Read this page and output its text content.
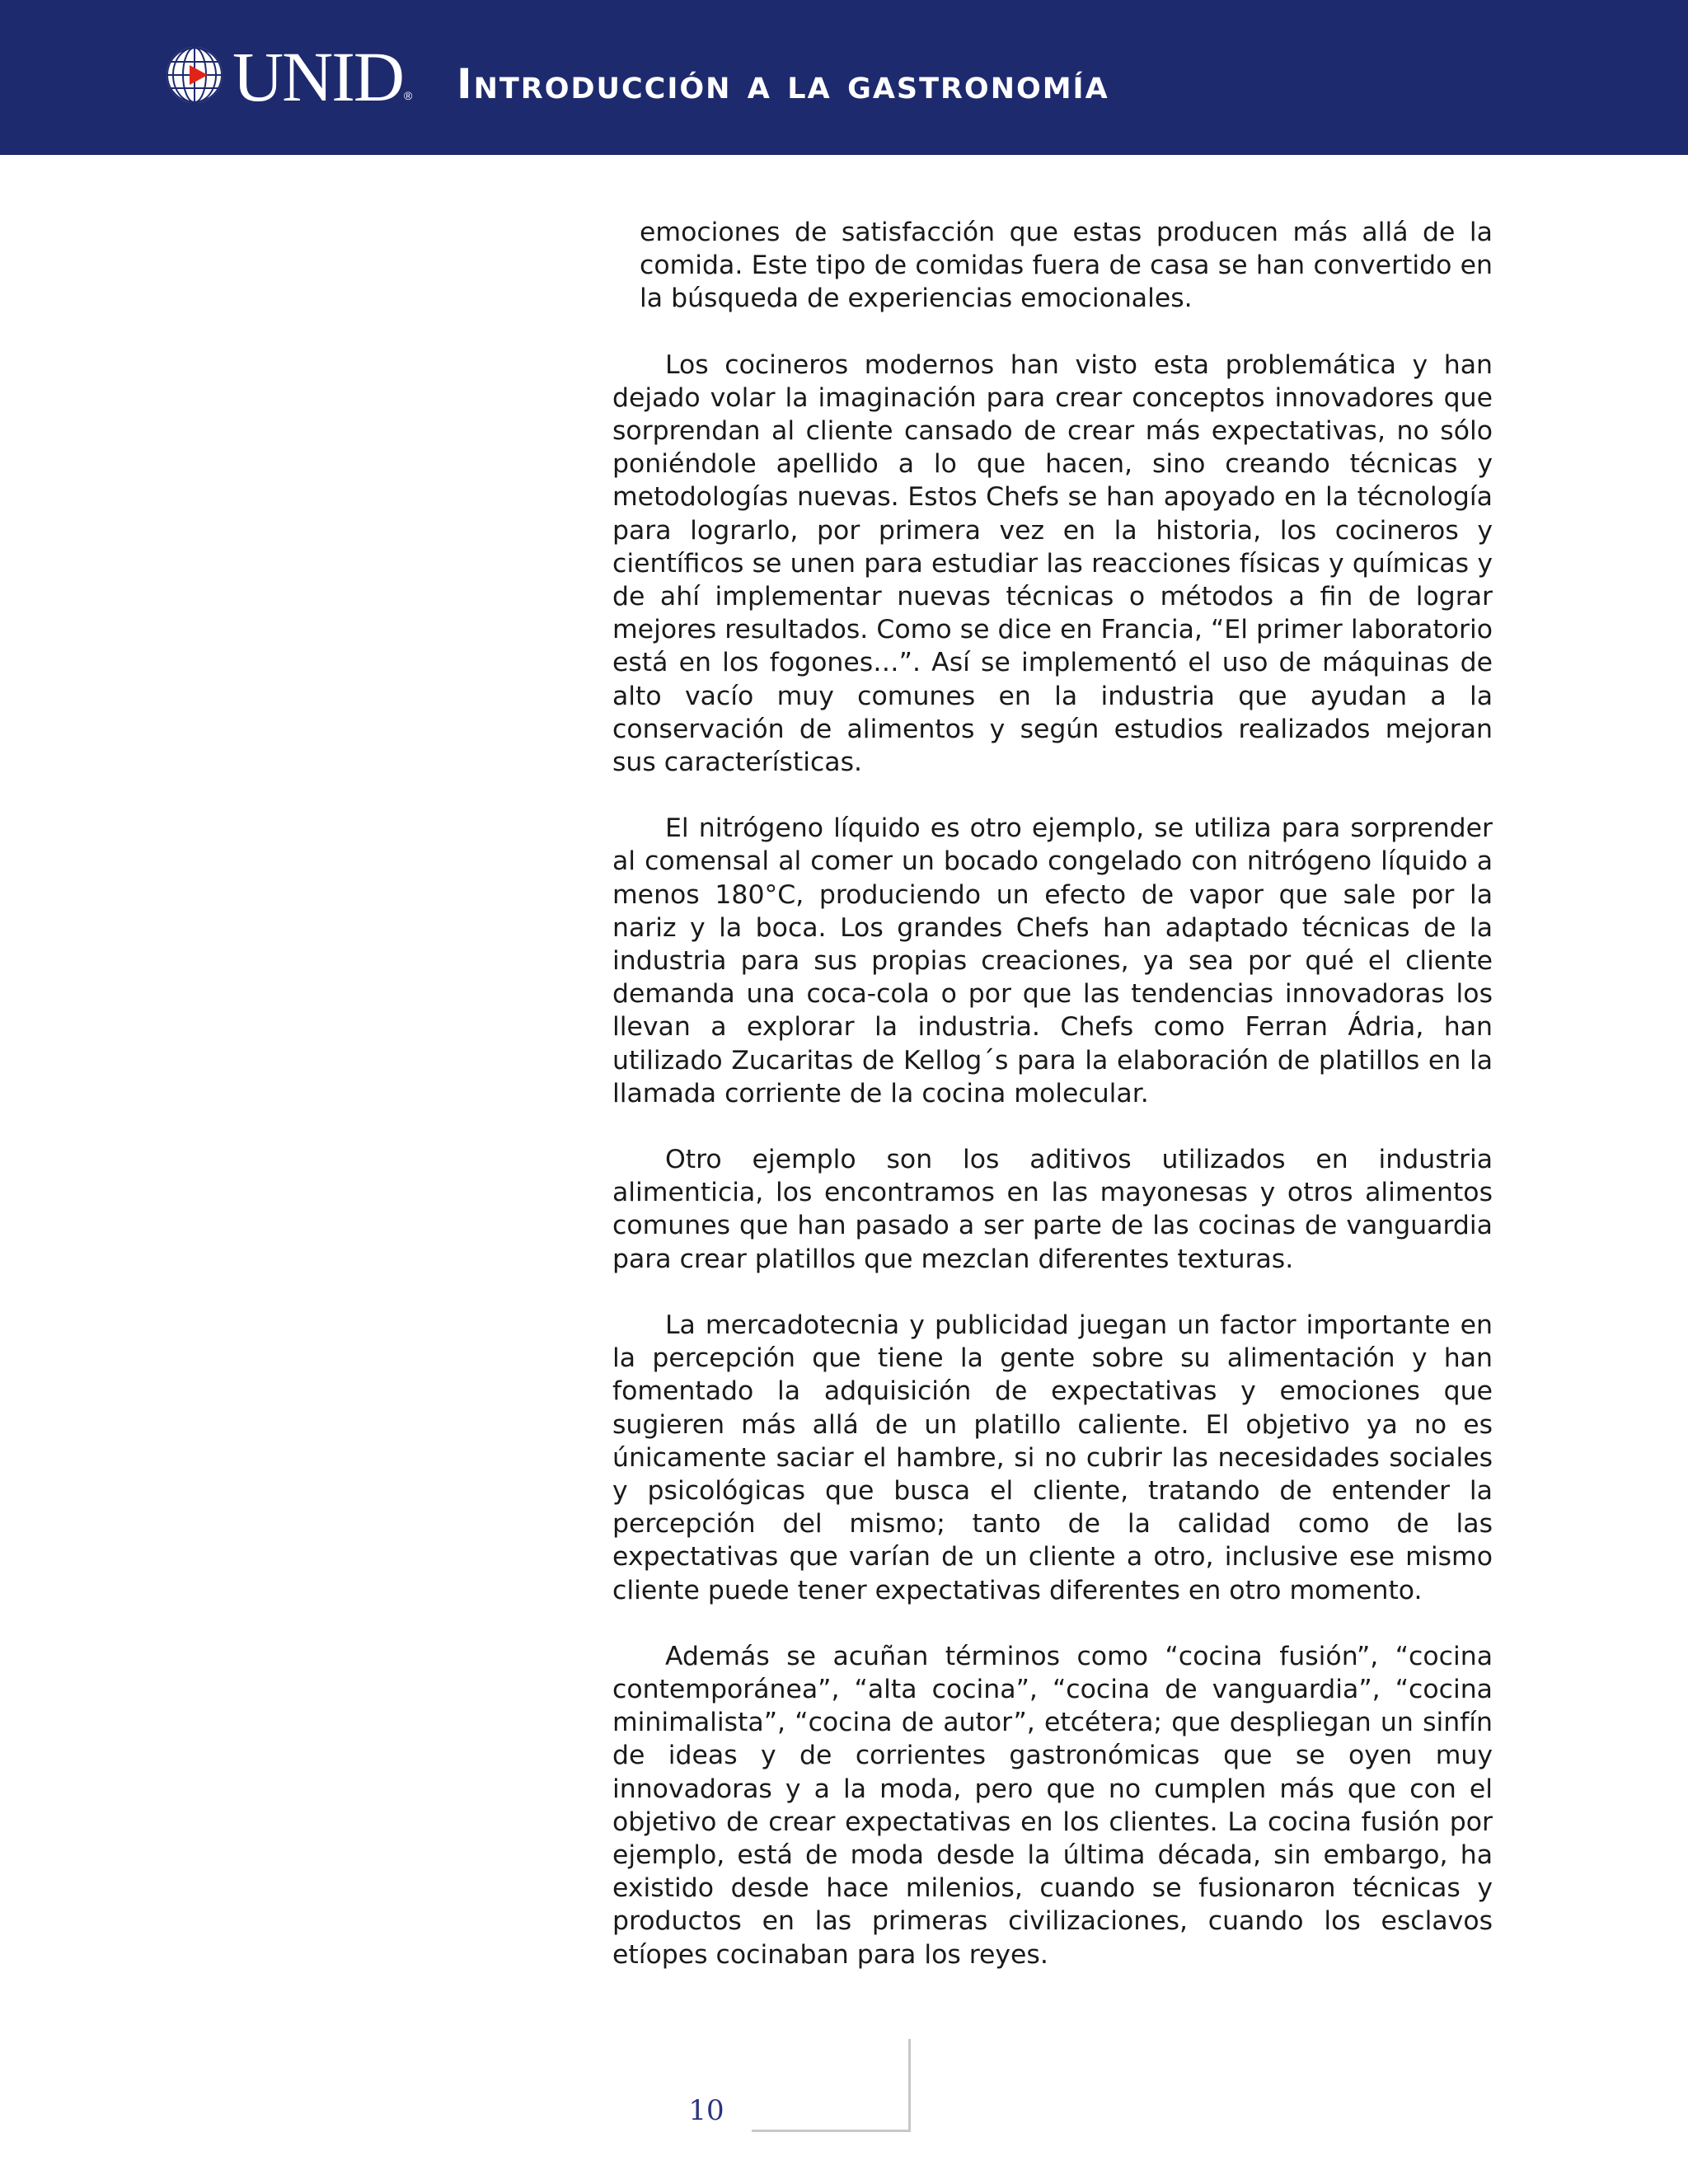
UNID ® Introducción a la gastronomía

emociones de satisfacción que estas producen más allá de la comida. Este tipo de comidas fuera de casa se han convertido en la búsqueda de experiencias emocionales.

Los cocineros modernos han visto esta problemática y han dejado volar la imaginación para crear conceptos innovadores que sorprendan al cliente cansado de crear más expectativas, no sólo poniéndole apellido a lo que hacen, sino creando técnicas y metodologías nuevas. Estos Chefs se han apoyado en la técnología para lograrlo, por primera vez en la historia, los cocineros y científicos se unen para estudiar las reacciones físicas y químicas y de ahí implementar nuevas técnicas o métodos a fin de lograr mejores resultados. Como se dice en Francia, “El primer laboratorio está en los fogones…”. Así se implementó el uso de máquinas de alto vacío muy comunes en la industria que ayudan a la conservación de alimentos y según estudios realizados mejoran sus características.

El nitrógeno líquido es otro ejemplo, se utiliza para sorprender al comensal al comer un bocado congelado con nitrógeno líquido a menos 180°C, produciendo un efecto de vapor que sale por la nariz y la boca. Los grandes Chefs han adaptado técnicas de la industria para sus propias creaciones, ya sea por qué el cliente demanda una coca-cola o por que las tendencias innovadoras los llevan a explorar la industria. Chefs como Ferran Ádria, han utilizado Zucaritas de Kellog´s para la elaboración de platillos en la llamada corriente de la cocina molecular.

Otro ejemplo son los aditivos utilizados en industria alimenticia, los encontramos en las mayonesas y otros alimentos comunes que han pasado a ser parte de las cocinas de vanguardia para crear platillos que mezclan diferentes texturas.

La mercadotecnia y publicidad juegan un factor importante en la percepción que tiene la gente sobre su alimentación y han fomentado la adquisición de expectativas y emociones que sugieren más allá de un platillo caliente. El objetivo ya no es únicamente saciar el hambre, si no cubrir las necesidades sociales y psicológicas que busca el cliente, tratando de entender la percepción del mismo; tanto de la calidad como de las expectativas que varían de un cliente a otro, inclusive ese mismo cliente puede tener expectativas diferentes en otro momento.

Además se acuñan términos como “cocina fusión”, “cocina contemporánea”, “alta cocina”, “cocina de vanguardia”, “cocina minimalista”, “cocina de autor”, etcétera; que despliegan un sinfín de ideas y de corrientes gastronómicas que se oyen muy innovadoras y a la moda, pero que no cumplen más que con el objetivo de crear expectativas en los clientes. La cocina fusión por ejemplo, está de moda desde la última década, sin embargo, ha existido desde hace milenios, cuando se fusionaron técnicas y productos en las primeras civilizaciones, cuando los esclavos etíopes cocinaban para los reyes.

10
